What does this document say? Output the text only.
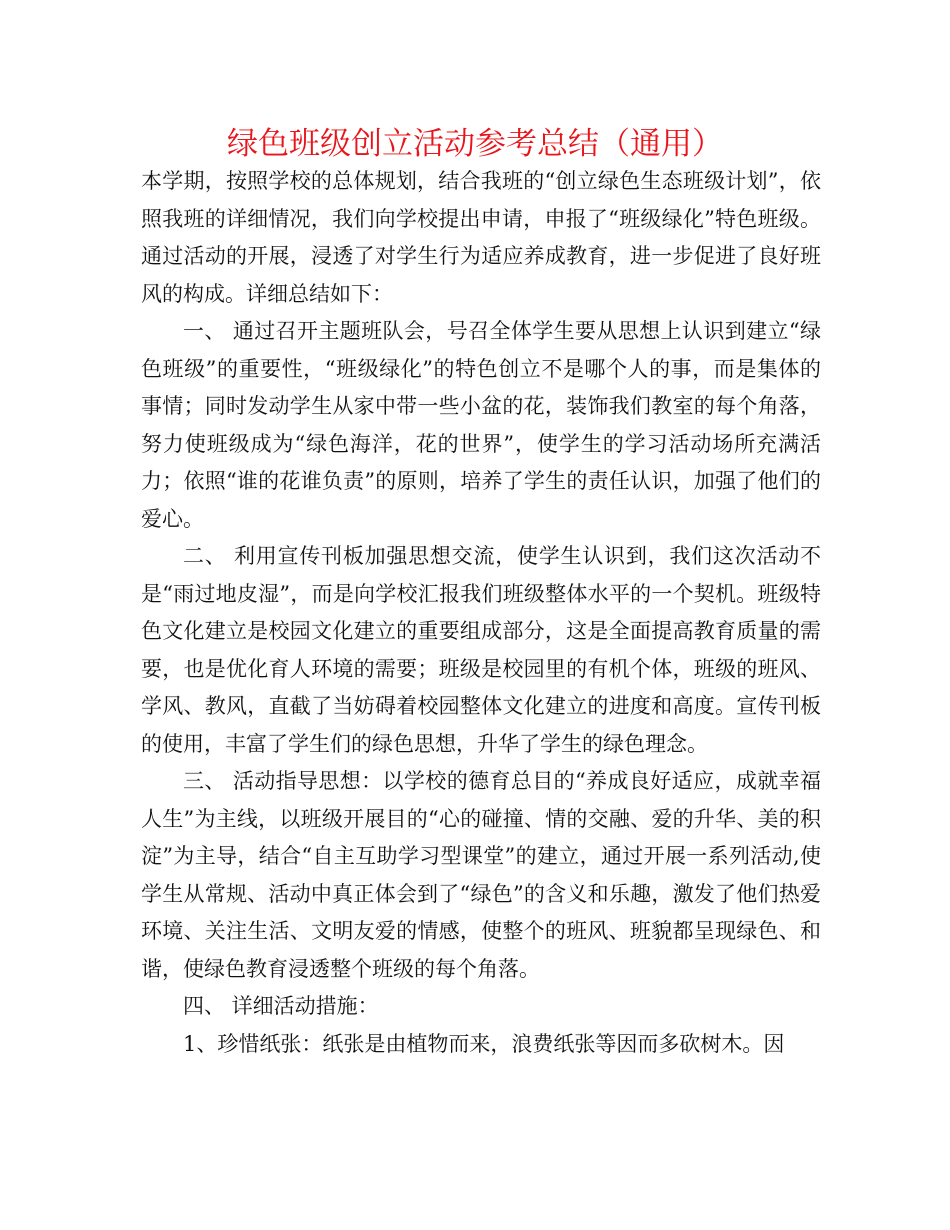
绿色班级创立活动参考总结（通用）

本学期，按照学校的总体规划，结合我班的“创立绿色生态班级计划”，依照我班的详细情况，我们向学校提出申请，申报了“班级绿化”特色班级。通过活动的开展，浸透了对学生行为适应养成教育，进一步促进了良好班风的构成。详细总结如下：

一、 通过召开主题班队会，号召全体学生要从思想上认识到建立“绿色班级”的重要性，“班级绿化”的特色创立不是哪个人的事，而是集体的事情；同时发动学生从家中带一些小盆的花，装饰我们教室的每个角落，努力使班级成为“绿色海洋，花的世界”，使学生的学习活动场所充满活力；依照“谁的花谁负责”的原则，培养了学生的责任认识，加强了他们的爱心。

二、 利用宣传刊板加强思想交流，使学生认识到，我们这次活动不是“雨过地皮湿”，而是向学校汇报我们班级整体水平的一个契机。班级特色文化建立是校园文化建立的重要组成部分，这是全面提高教育质量的需要，也是优化育人环境的需要；班级是校园里的有机个体，班级的班风、学风、教风，直截了当妨碍着校园整体文化建立的进度和高度。宣传刊板的使用，丰富了学生们的绿色思想，升华了学生的绿色理念。

三、 活动指导思想：以学校的德育总目的“养成良好适应，成就幸福人生”为主线，以班级开展目的“心的碰撞、情的交融、爱的升华、美的积淀”为主导，结合“自主互助学习型课堂”的建立，通过开展一系列活动,使学生从常规、活动中真正体会到了“绿色”的含义和乐趣，激发了他们热爱环境、关注生活、文明友爱的情感，使整个的班风、班貌都呈现绿色、和谐，使绿色教育浸透整个班级的每个角落。

四、 详细活动措施：

1、珍惜纸张：纸张是由植物而来，浪费纸张等因而多砍树木。因
